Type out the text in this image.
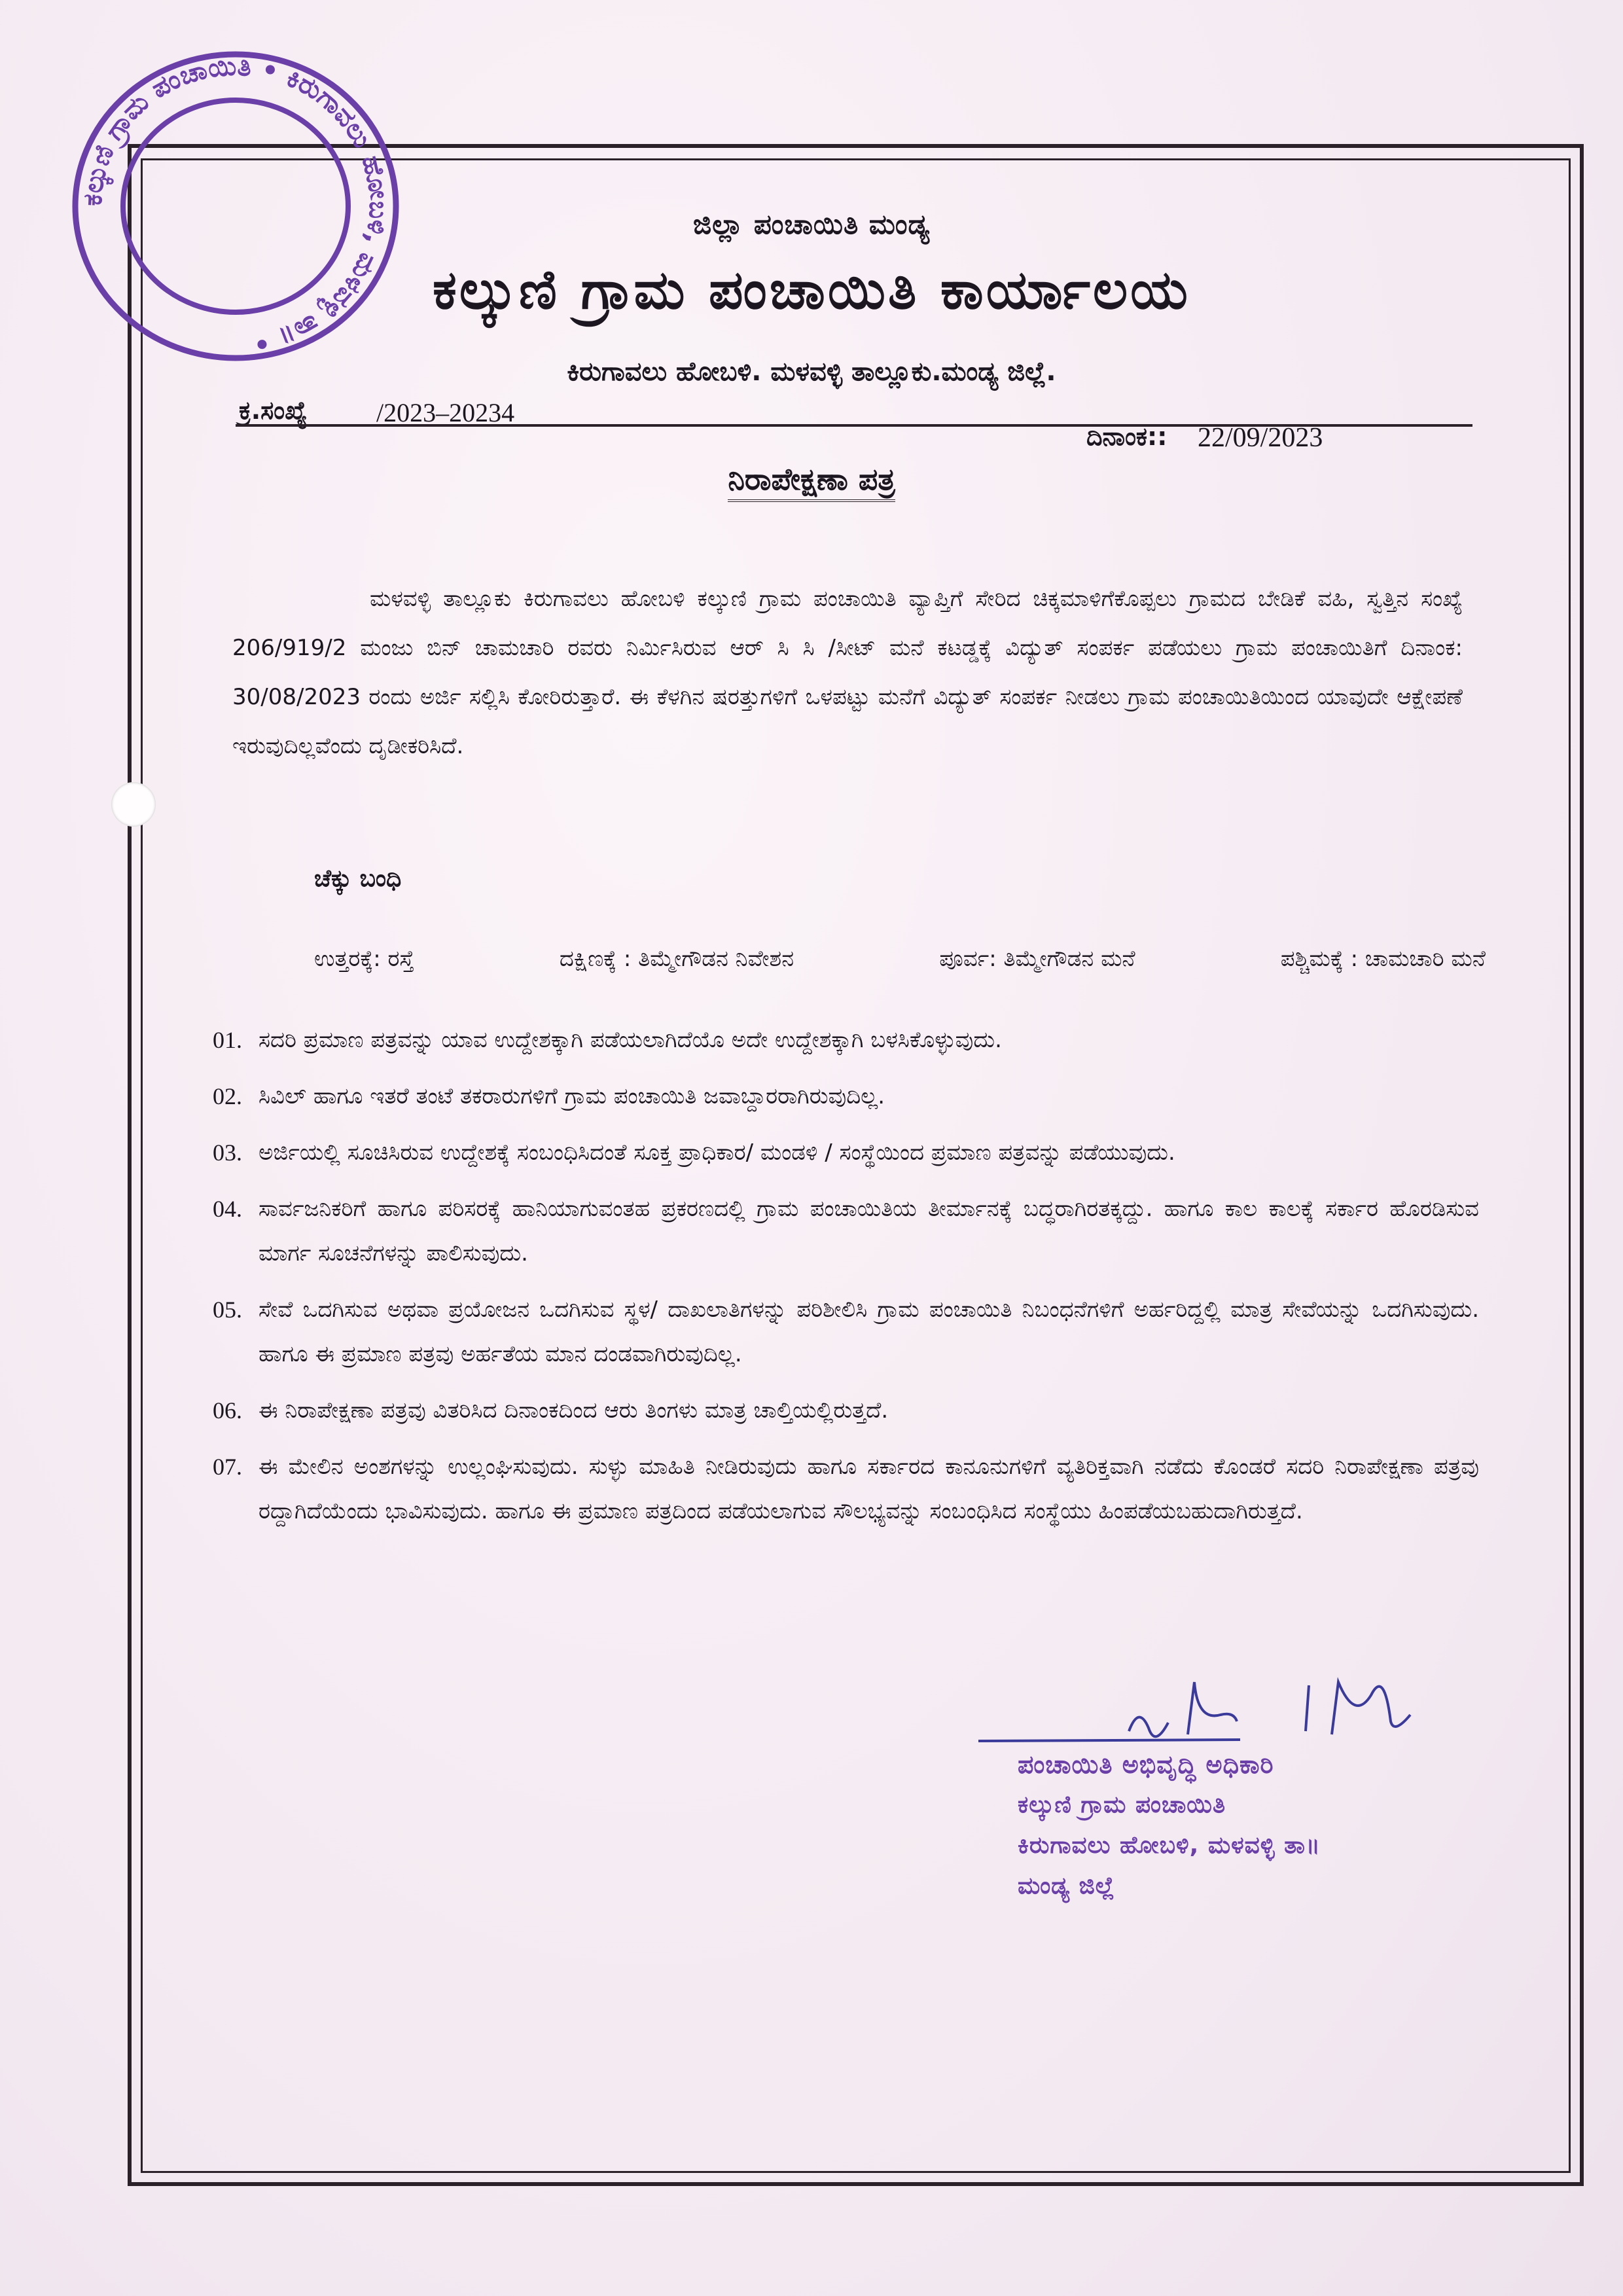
ಕಲ್ಕುಣಿ ಗ್ರಾಮ ಪಂಚಾಯಿತಿ • ಕಿರುಗಾವಲು ಹೋಬಳಿ, ಮಳವಳ್ಳಿ ತಾ॥ •
ಜಿಲ್ಲಾ ಪಂಚಾಯಿತಿ ಮಂಡ್ಯ
ಕಲ್ಕುಣಿ ಗ್ರಾಮ ಪಂಚಾಯಿತಿ ಕಾರ್ಯಾಲಯ
ಕಿರುಗಾವಲು ಹೋಬಳಿ. ಮಳವಳ್ಳಿ ತಾಲ್ಲೂಕು.ಮಂಡ್ಯ ಜಿಲ್ಲೆ.
ಕ್ರ.ಸಂಖ್ಯೆ	/2023–20234
ದಿನಾಂಕ:: 22/09/2023
ನಿರಾಪೇಕ್ಷಣಾ ಪತ್ರ
ಮಳವಳ್ಳಿ ತಾಲ್ಲೂಕು ಕಿರುಗಾವಲು ಹೋಬಳಿ ಕಲ್ಕುಣಿ ಗ್ರಾಮ ಪಂಚಾಯಿತಿ ವ್ಯಾಪ್ತಿಗೆ ಸೇರಿದ ಚಿಕ್ಕಮಾಳಿಗೆಕೊಪ್ಪಲು ಗ್ರಾಮದ ಬೇಡಿಕೆ ವಹಿ, ಸ್ವತ್ತಿನ ಸಂಖ್ಯೆ 206/919/2 ಮಂಜು ಬಿನ್ ಚಾಮಚಾರಿ ರವರು ನಿರ್ಮಿಸಿರುವ ಆರ್ ಸಿ ಸಿ /ಸೀಟ್ ಮನೆ ಕಟಡ್ಡಕ್ಕೆ ವಿದ್ಯುತ್ ಸಂಪರ್ಕ ಪಡೆಯಲು ಗ್ರಾಮ ಪಂಚಾಯಿತಿಗೆ ದಿನಾಂಕ: 30/08/2023 ರಂದು ಅರ್ಜಿ ಸಲ್ಲಿಸಿ ಕೋರಿರುತ್ತಾರೆ. ಈ ಕೆಳಗಿನ ಷರತ್ತುಗಳಿಗೆ ಒಳಪಟ್ಟು ಮನೆಗೆ ವಿದ್ಯುತ್ ಸಂಪರ್ಕ ನೀಡಲು ಗ್ರಾಮ ಪಂಚಾಯಿತಿಯಿಂದ ಯಾವುದೇ ಆಕ್ಷೇಪಣೆ ಇರುವುದಿಲ್ಲವೆಂದು ದೃಡೀಕರಿಸಿದೆ.
ಚೆಕ್ಕು ಬಂಧಿ
ಉತ್ತರಕ್ಕೆ: ರಸ್ತೆ	ದಕ್ಷಿಣಕ್ಕೆ : ತಿಮ್ಮೇಗೌಡನ ನಿವೇಶನ	ಪೂರ್ವ: ತಿಮ್ಮೇಗೌಡನ ಮನೆ	ಪಶ್ಚಿಮಕ್ಕೆ : ಚಾಮಚಾರಿ ಮನೆ
01. ಸದರಿ ಪ್ರಮಾಣ ಪತ್ರವನ್ನು ಯಾವ ಉದ್ದೇಶಕ್ಕಾಗಿ ಪಡೆಯಲಾಗಿದೆಯೊ ಅದೇ ಉದ್ದೇಶಕ್ಕಾಗಿ ಬಳಸಿಕೊಳ್ಳುವುದು.
02. ಸಿವಿಲ್ ಹಾಗೂ ಇತರೆ ತಂಟೆ ತಕರಾರುಗಳಿಗೆ ಗ್ರಾಮ ಪಂಚಾಯಿತಿ ಜವಾಬ್ದಾರರಾಗಿರುವುದಿಲ್ಲ.
03. ಅರ್ಜಿಯಲ್ಲಿ ಸೂಚಿಸಿರುವ ಉದ್ದೇಶಕ್ಕೆ ಸಂಬಂಧಿಸಿದಂತೆ ಸೂಕ್ತ ಪ್ರಾಧಿಕಾರ/ ಮಂಡಳಿ / ಸಂಸ್ಥೆಯಿಂದ ಪ್ರಮಾಣ ಪತ್ರವನ್ನು ಪಡೆಯುವುದು.
04. ಸಾರ್ವಜನಿಕರಿಗೆ ಹಾಗೂ ಪರಿಸರಕ್ಕೆ ಹಾನಿಯಾಗುವಂತಹ ಪ್ರಕರಣದಲ್ಲಿ ಗ್ರಾಮ ಪಂಚಾಯಿತಿಯ ತೀರ್ಮಾನಕ್ಕೆ ಬದ್ಧರಾಗಿರತಕ್ಕದ್ದು. ಹಾಗೂ ಕಾಲ ಕಾಲಕ್ಕೆ ಸರ್ಕಾರ ಹೊರಡಿಸುವ ಮಾರ್ಗ ಸೂಚನೆಗಳನ್ನು ಪಾಲಿಸುವುದು.
05. ಸೇವೆ ಒದಗಿಸುವ ಅಥವಾ ಪ್ರಯೋಜನ ಒದಗಿಸುವ ಸ್ಥಳ/ ದಾಖಲಾತಿಗಳನ್ನು ಪರಿಶೀಲಿಸಿ ಗ್ರಾಮ ಪಂಚಾಯಿತಿ ನಿಬಂಧನೆಗಳಿಗೆ ಅರ್ಹರಿದ್ದಲ್ಲಿ ಮಾತ್ರ ಸೇವೆಯನ್ನು ಒದಗಿಸುವುದು. ಹಾಗೂ ಈ ಪ್ರಮಾಣ ಪತ್ರವು ಅರ್ಹತೆಯ ಮಾನ ದಂಡವಾಗಿರುವುದಿಲ್ಲ.
06. ಈ ನಿರಾಪೇಕ್ಷಣಾ ಪತ್ರವು ವಿತರಿಸಿದ ದಿನಾಂಕದಿಂದ ಆರು ತಿಂಗಳು ಮಾತ್ರ ಚಾಲ್ತಿಯಲ್ಲಿರುತ್ತದೆ.
07. ಈ ಮೇಲಿನ ಅಂಶಗಳನ್ನು ಉಲ್ಲಂಘಿಸುವುದು. ಸುಳ್ಳು ಮಾಹಿತಿ ನೀಡಿರುವುದು ಹಾಗೂ ಸರ್ಕಾರದ ಕಾನೂನುಗಳಿಗೆ ವ್ಯತಿರಿಕ್ತವಾಗಿ ನಡೆದು ಕೊಂಡರೆ ಸದರಿ ನಿರಾಪೇಕ್ಷಣಾ ಪತ್ರವು ರದ್ದಾಗಿದೆಯೆಂದು ಭಾವಿಸುವುದು. ಹಾಗೂ ಈ ಪ್ರಮಾಣ ಪತ್ರದಿಂದ ಪಡೆಯಲಾಗುವ ಸೌಲಭ್ಯವನ್ನು ಸಂಬಂಧಿಸಿದ ಸಂಸ್ಥೆಯು ಹಿಂಪಡೆಯಬಹುದಾಗಿರುತ್ತದೆ.
ಪಂಚಾಯಿತಿ ಅಭಿವೃದ್ಧಿ ಅಧಿಕಾರಿ
ಕಲ್ಕುಣಿ ಗ್ರಾಮ ಪಂಚಾಯಿತಿ
ಕಿರುಗಾವಲು ಹೋಬಳಿ, ಮಳವಳ್ಳಿ ತಾ॥
ಮಂಡ್ಯ ಜಿಲ್ಲೆ
